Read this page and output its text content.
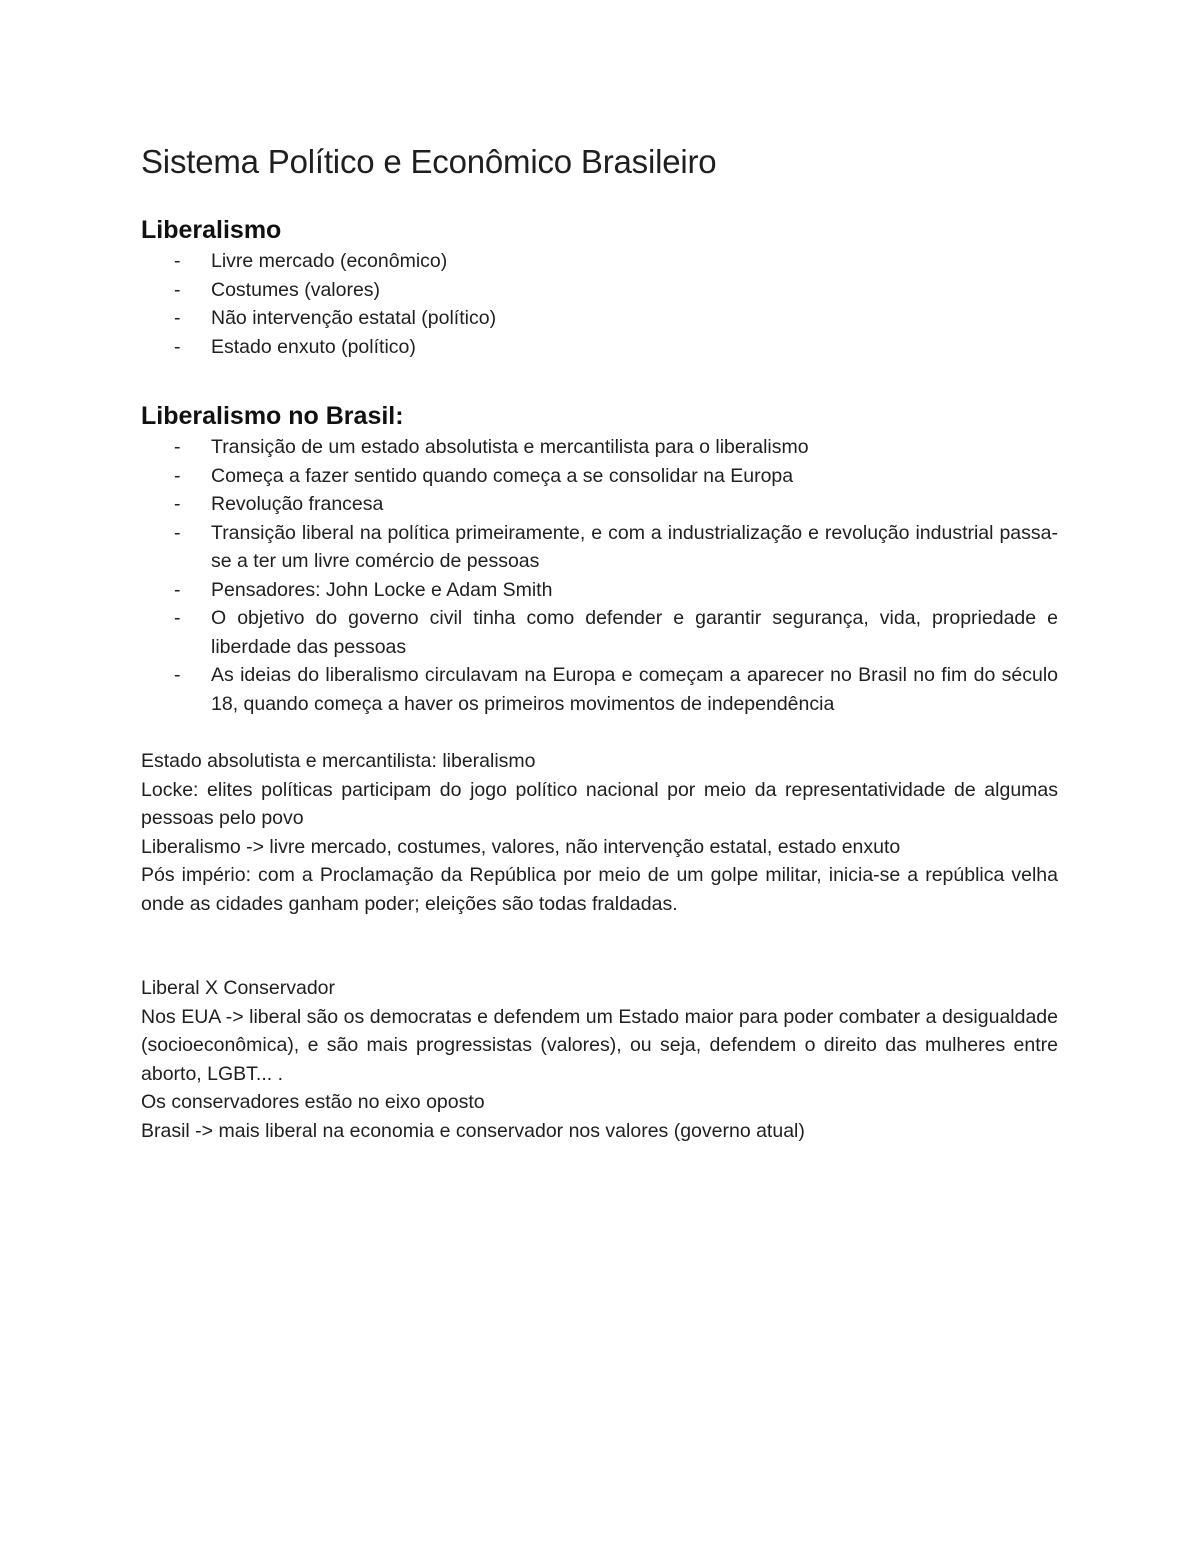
Sistema Político e Econômico Brasileiro
Liberalismo
-	Livre mercado (econômico)
-	Costumes (valores)
-	Não intervenção estatal (político)
-	Estado enxuto (político)
Liberalismo no Brasil:
-	Transição de um estado absolutista e mercantilista para o liberalismo
-	Começa a fazer sentido quando começa a se consolidar na Europa
-	Revolução francesa
-	Transição liberal na política primeiramente, e com a industrialização e revolução industrial passa-se a ter um livre comércio de pessoas
-	Pensadores: John Locke e Adam Smith
-	O objetivo do governo civil tinha como defender e garantir segurança, vida, propriedade e liberdade das pessoas
-	As ideias do liberalismo circulavam na Europa e começam a aparecer no Brasil no fim do século 18, quando começa a haver os primeiros movimentos de independência

Estado absolutista e mercantilista: liberalismo

Locke: elites políticas participam do jogo político nacional por meio da representatividade de algumas pessoas pelo povo

Liberalismo -> livre mercado, costumes, valores, não intervenção estatal, estado enxuto

Pós império: com a Proclamação da República por meio de um golpe militar, inicia-se a república velha onde as cidades ganham poder; eleições são todas fraldadas.

Liberal X Conservador

Nos EUA -> liberal são os democratas e defendem um Estado maior para poder combater a desigualdade (socioeconômica), e são mais progressistas (valores), ou seja, defendem o direito das mulheres entre aborto, LGBT... .

Os conservadores estão no eixo oposto

Brasil -> mais liberal na economia e conservador nos valores (governo atual)
